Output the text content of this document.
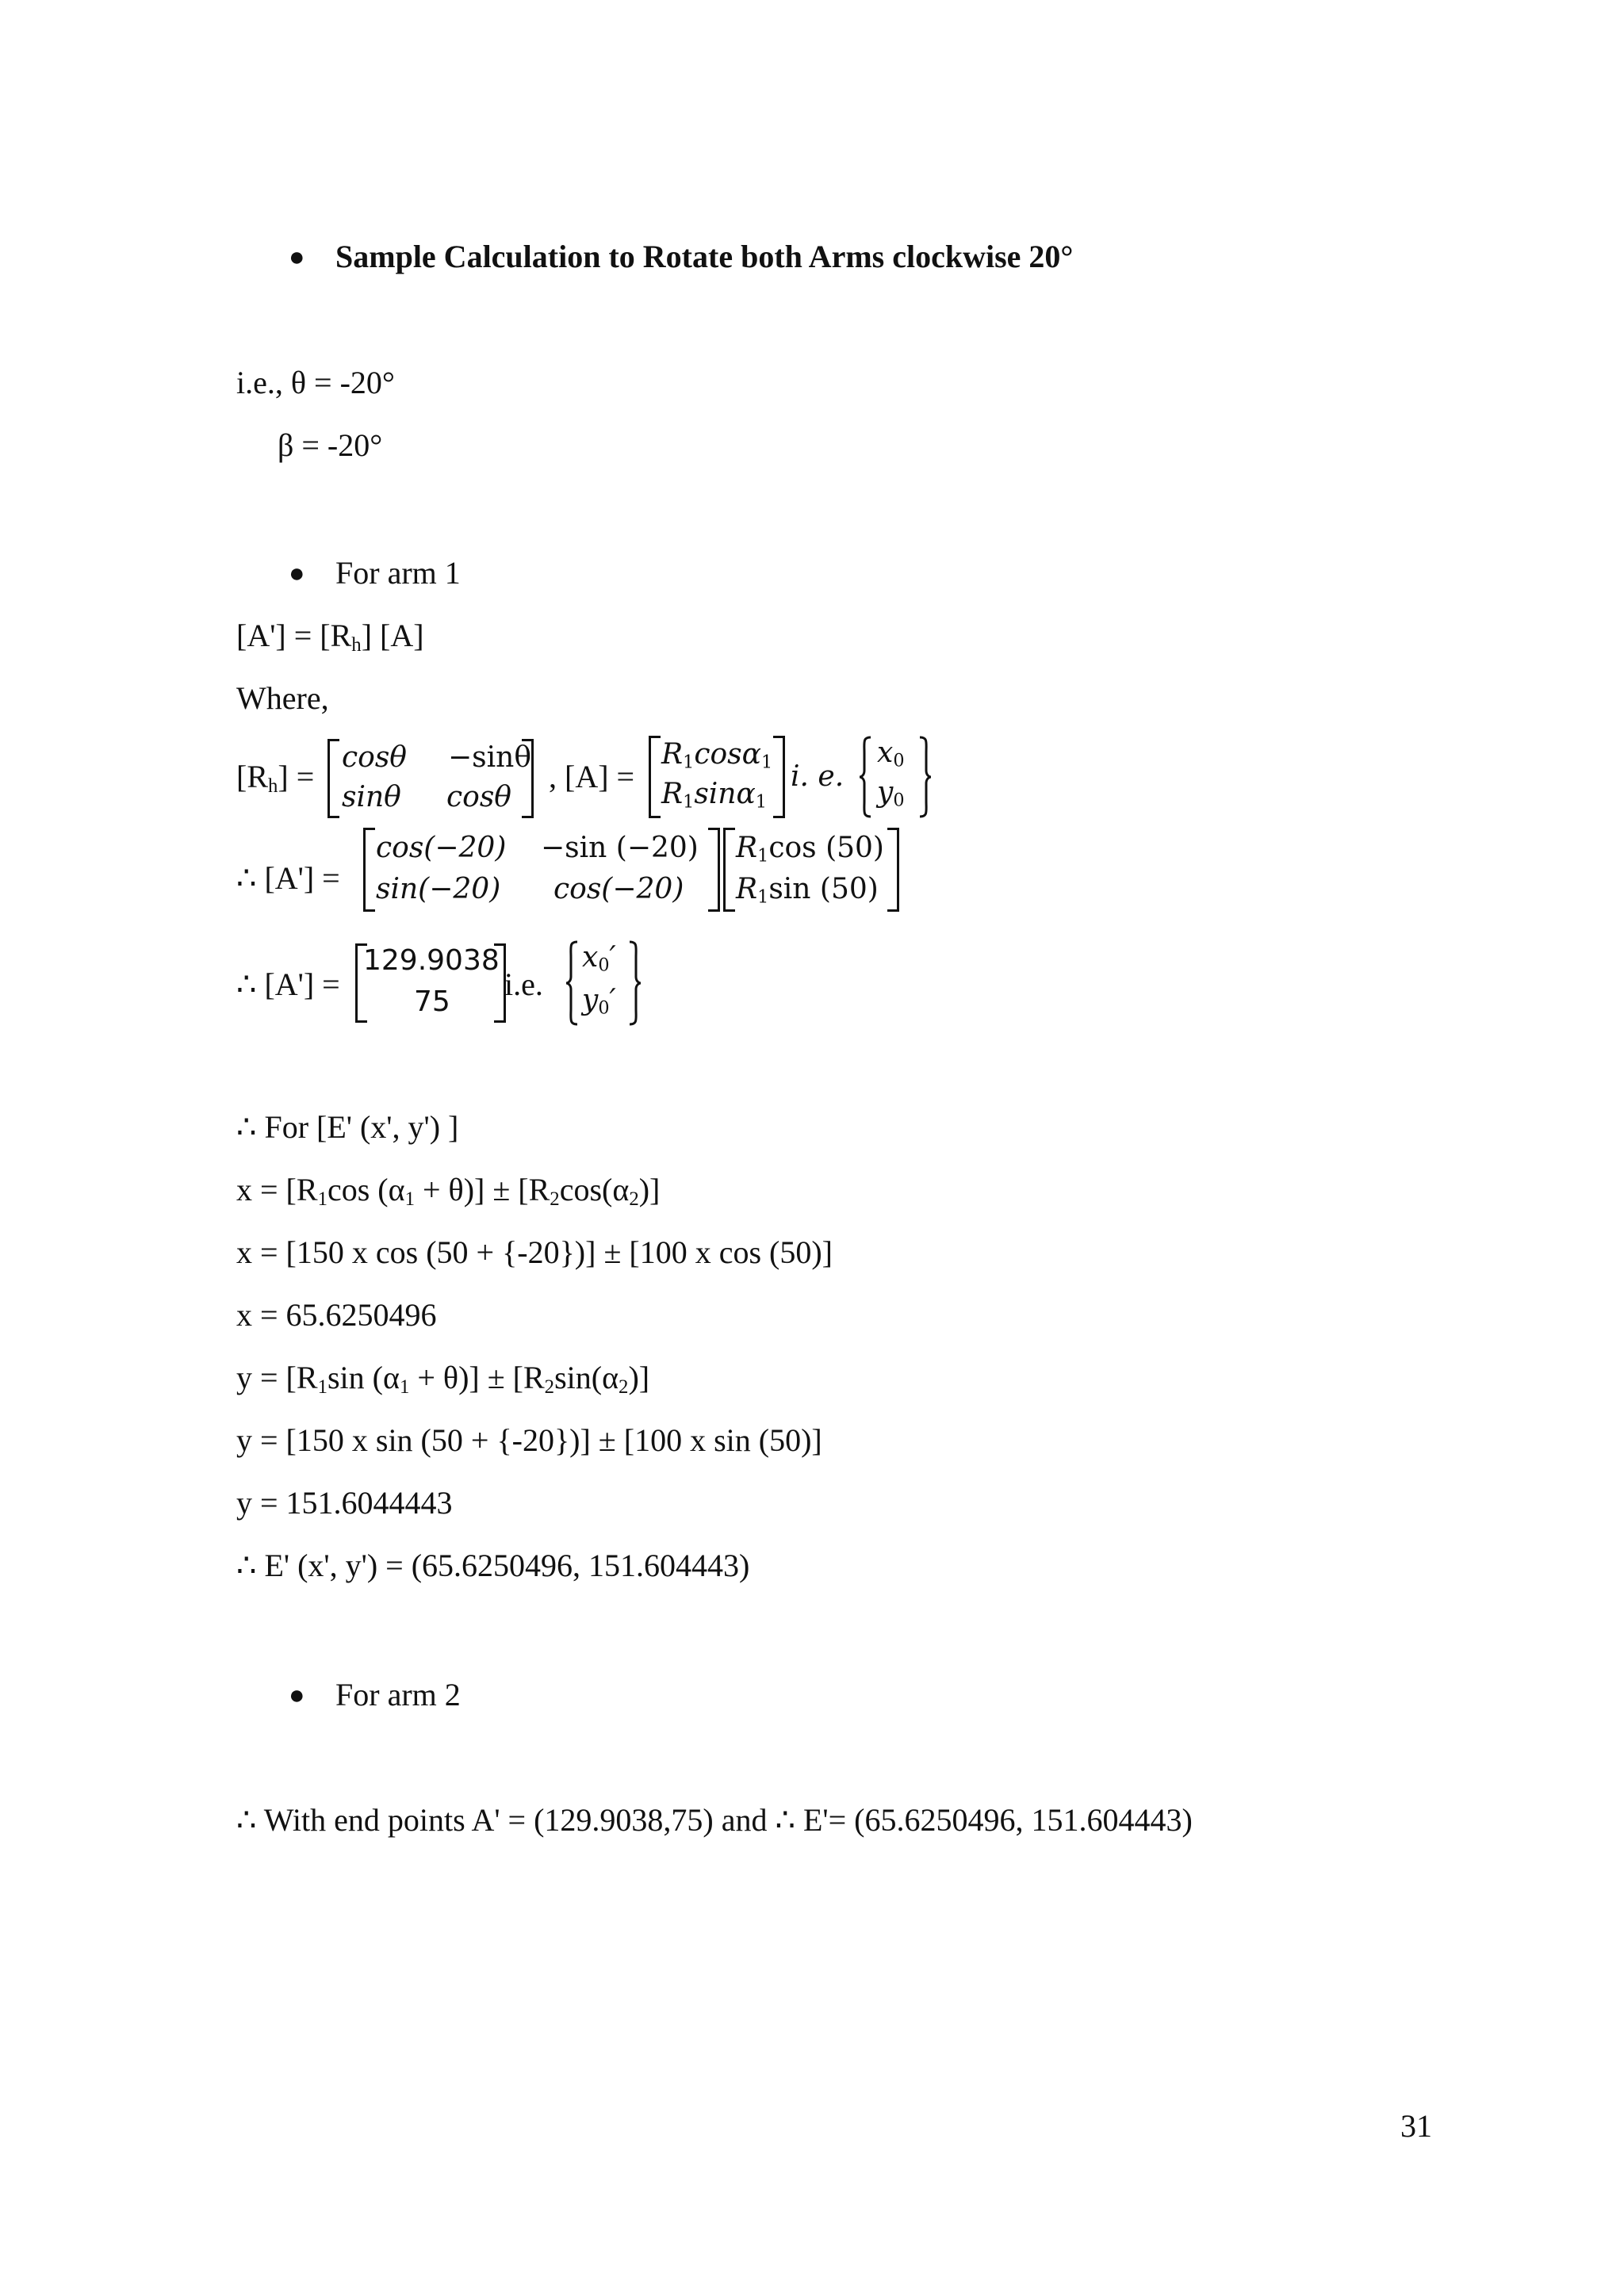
● Sample Calculation to Rotate both Arms clockwise 20°
i.e., θ = -20°
β = -20°
● For arm 1
$[A'] = [R_h]$ [A]
Where,
$[R_h]$ =
cosθ −sinθ
sinθ cosθ
, [A] =
$R_1\cos\alpha_1$
$R_1\sin\alpha_1$
i. e.
$x_0$
$y_0$
∴ [A'] =
cos(−20) −sin (−20)
sin(−20) cos(−20)
$R_1\cos$ (50)
$R_1\sin$ (50)
∴ [A'] =
129.9038
75 i.e.
$x_0'$
$y_0'$
∴ For [E' (x', y') ]
$x = [R_1\cos$ $(\alpha_1 + \theta)] \pm [R_2\cos(\alpha_2)]$
x = [150 x cos (50 + {-20})] ± [100 x cos (50)]
x = 65.6250496
$y = [R_1\sin$ $(\alpha_1 + \theta)] \pm [R_2\sin(\alpha_2)]$
y = [150 x sin (50 + {-20})] ± [100 x sin (50)]
y = 151.6044443
∴ E' (x', y') = (65.6250496, 151.604443)
● For arm 2
∴ With end points A' = (129.9038,75) and ∴ E'= (65.6250496, 151.604443)
31
